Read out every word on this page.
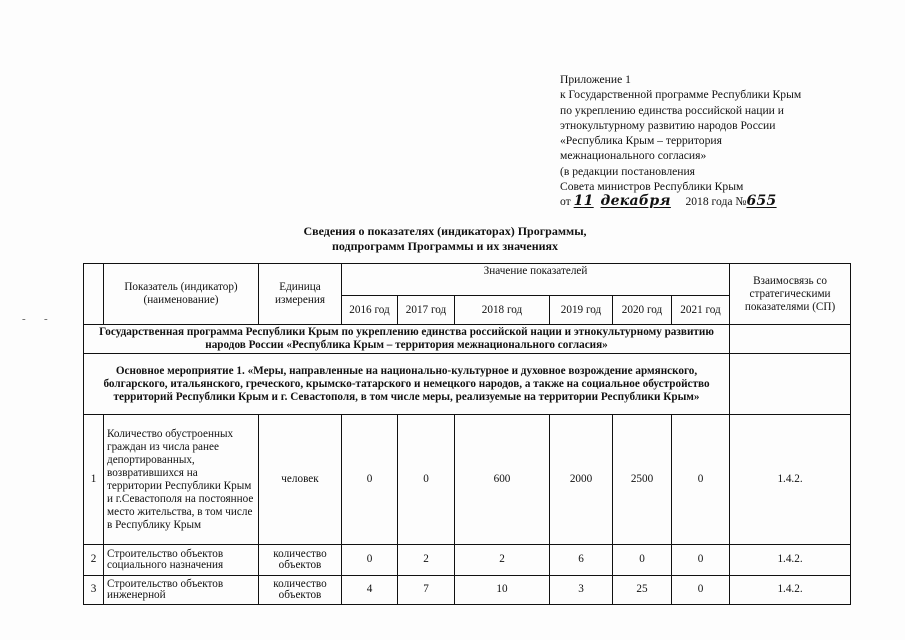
Приложение 1
к Государственной программе Республики Крым
по укреплению единства российской нации и
этнокультурному развитию народов России
«Республика Крым – территория
межнационального согласия»
(в редакции постановления
Совета министров Республики Крым
от 11 декабря 2018 года №655
Сведения о показателях (индикаторах) Программы,
подпрограмм Программы и их значениях
- -
	Показатель (индикатор) (наименование)	Единица измерения	Значение показателей						Взаимосвязь со стратегическими показателями (СП)
			2016 год	2017 год	2018 год	2019 год	2020 год	2021 год	
Государственная программа Республики Крым по укреплению единства российской нации и этнокультурному развитию народов России «Республика Крым – территория межнационального согласия»									
Основное мероприятие 1. «Меры, направленные на национально-культурное и духовное возрождение армянского, болгарского, итальянского, греческого, крымско-татарского и немецкого народов, а также на социальное обустройство территорий Республики Крым и г. Севастополя, в том числе меры, реализуемые на территории Республики Крым»									
1	Количество обустроенных граждан из числа ранее депортированных, возвратившихся на территории Республики Крым и г.Севастополя на постоянное место жительства, в том числе в Республику Крым	человек	0	0	600	2000	2500	0	1.4.2.
2	Строительство объектов социального назначения	количество объектов	0	2	2	6	0	0	1.4.2.
3	Строительство объектов инженерной	количество объектов	4	7	10	3	25	0	1.4.2.
